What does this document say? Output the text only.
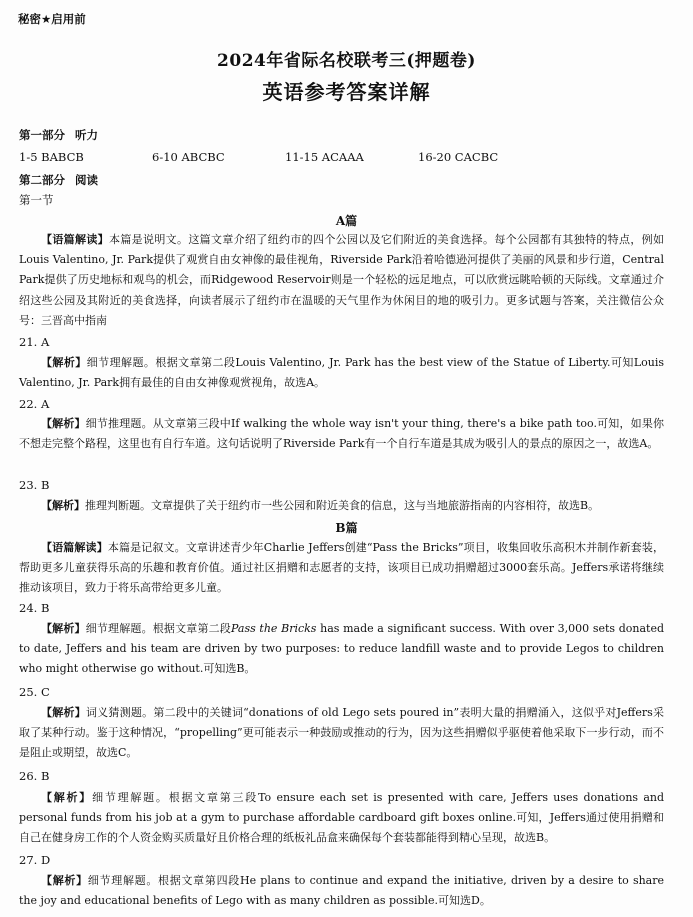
秘密★启用前
2024年省际名校联考三(押题卷)
英语参考答案详解
第一部分 听力
1-5 BABCB	6-10 ABCBC	11-15 ACAAA	16-20 CACBC
第二部分 阅读
第一节
A篇
【语篇解读】本篇是说明文。这篇文章介绍了纽约市的四个公园以及它们附近的美食选择。每个公园都有其独特的特点，例如Louis Valentino, Jr. Park提供了观赏自由女神像的最佳视角，Riverside Park沿着哈德逊河提供了美丽的风景和步行道，Central Park提供了历史地标和观鸟的机会，而Ridgewood Reservoir则是一个轻松的远足地点，可以欣赏远眺哈顿的天际线。文章通过介绍这些公园及其附近的美食选择，向读者展示了纽约市在温暖的天气里作为休闲目的地的吸引力。更多试题与答案，关注微信公众号：三晋高中指南
21. A
【解析】细节理解题。根据文章第二段Louis Valentino, Jr. Park has the best view of the Statue of Liberty.可知Louis Valentino, Jr. Park拥有最佳的自由女神像观赏视角，故选A。
22. A
【解析】细节推理题。从文章第三段中If walking the whole way isn't your thing, there's a bike path too.可知，如果你不想走完整个路程，这里也有自行车道。这句话说明了Riverside Park有一个自行车道是其成为吸引人的景点的原因之一，故选A。
23. B
【解析】推理判断题。文章提供了关于纽约市一些公园和附近美食的信息，这与当地旅游指南的内容相符，故选B。
B篇
【语篇解读】本篇是记叙文。文章讲述青少年Charlie Jeffers创建“Pass the Bricks”项目，收集回收乐高积木并制作新套装，帮助更多儿童获得乐高的乐趣和教育价值。通过社区捐赠和志愿者的支持，该项目已成功捐赠超过3000套乐高。Jeffers承诺将继续推动该项目，致力于将乐高带给更多儿童。
24. B
【解析】细节理解题。根据文章第二段Pass the Bricks has made a significant success. With over 3,000 sets donated to date, Jeffers and his team are driven by two purposes: to reduce landfill waste and to provide Legos to children who might otherwise go without.可知选B。
25. C
【解析】词义猜测题。第二段中的关键词“donations of old Lego sets poured in”表明大量的捐赠涌入，这似乎对Jeffers采取了某种行动。鉴于这种情况，“propelling”更可能表示一种鼓励或推动的行为，因为这些捐赠似乎驱使着他采取下一步行动，而不是阻止或期望，故选C。
26. B
【解析】细节理解题。根据文章第三段To ensure each set is presented with care, Jeffers uses donations and personal funds from his job at a gym to purchase affordable cardboard gift boxes online.可知，Jeffers通过使用捐赠和自己在健身房工作的个人资金购买质量好且价格合理的纸板礼品盒来确保每个套装都能得到精心呈现，故选B。
27. D
【解析】细节理解题。根据文章第四段He plans to continue and expand the initiative, driven by a desire to share the joy and educational benefits of Lego with as many children as possible.可知选D。
